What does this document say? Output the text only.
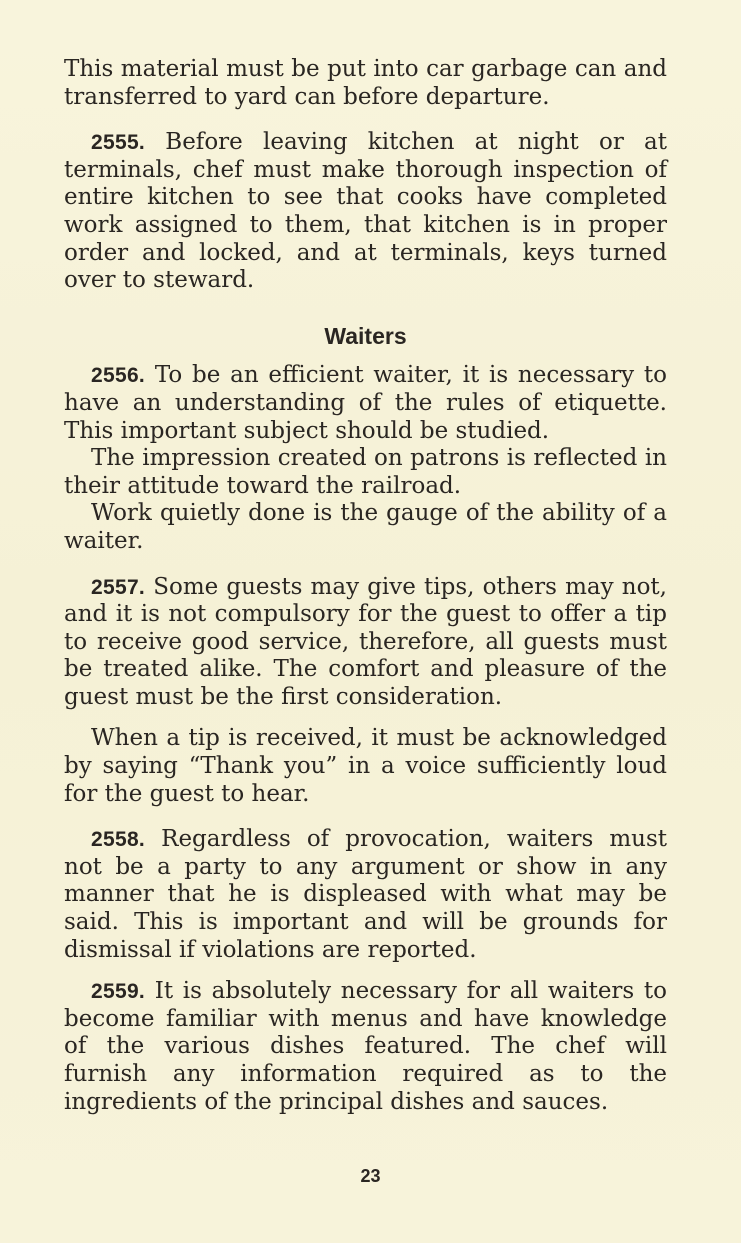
This material must be put into car garbage can and transferred to yard can before departure.

2555. Before leaving kitchen at night or at terminals, chef must make thorough inspection of entire kitchen to see that cooks have completed work assigned to them, that kitchen is in proper order and locked, and at terminals, keys turned over to steward.

Waiters

2556. To be an efficient waiter, it is necessary to have an understanding of the rules of etiquette. This important subject should be studied.

The impression created on patrons is reflected in their attitude toward the railroad.

Work quietly done is the gauge of the ability of a waiter.

2557. Some guests may give tips, others may not, and it is not compulsory for the guest to offer a tip to receive good service, therefore, all guests must be treated alike. The comfort and pleasure of the guest must be the first consideration.

When a tip is received, it must be acknowledged by saying “Thank you” in a voice sufficiently loud for the guest to hear.

2558. Regardless of provocation, waiters must not be a party to any argument or show in any manner that he is displeased with what may be said. This is important and will be grounds for dismissal if violations are reported.

2559. It is absolutely necessary for all waiters to become familiar with menus and have knowledge of the various dishes featured. The chef will furnish any information required as to the ingredients of the principal dishes and sauces.

23
